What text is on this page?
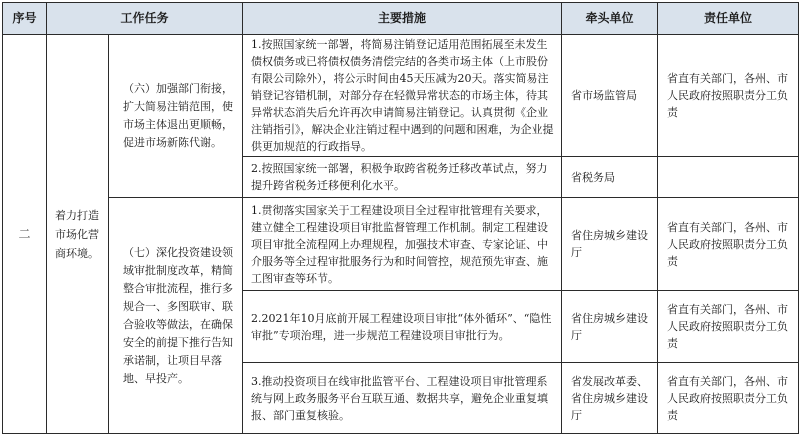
序号	工作任务		主要措施	牵头单位	责任单位
二	着力打造市场化营商环境。	（六）加强部门衔接，扩大简易注销范围，使市场主体退出更顺畅，促进市场新陈代谢。	1.按照国家统一部署，将简易注销登记适用范围拓展至未发生债权债务或已将债权债务清偿完结的各类市场主体（上市股份有限公司除外），将公示时间由45天压减为20天。落实简易注销登记容错机制，对部分存在轻微异常状态的市场主体，待其异常状态消失后允许再次申请简易注销登记。认真贯彻《企业注销指引》，解决企业注销过程中遇到的问题和困难，为企业提供更加规范的行政指导。	省市场监管局	省直有关部门，各州、市人民政府按照职责分工负责
			2.按照国家统一部署，积极争取跨省税务迁移改革试点，努力提升跨省税务迁移便利化水平。	省税务局	
		（七）深化投资建设领域审批制度改革，精简整合审批流程，推行多规合一、多图联审、联合验收等做法，在确保安全的前提下推行告知承诺制，让项目早落地、早投产。	1.贯彻落实国家关于工程建设项目全过程审批管理有关要求，建立健全工程建设项目审批监督管理工作机制。制定工程建设项目审批全流程网上办理规程，加强技术审查、专家论证、中介服务等全过程审批服务行为和时间管控，规范预先审查、施工图审查等环节。	省住房城乡建设厅	省直有关部门，各州、市人民政府按照职责分工负责
			2.2021年10月底前开展工程建设项目审批“体外循环”、“隐性审批”专项治理，进一步规范工程建设项目审批行为。	省住房城乡建设厅	省直有关部门，各州、市人民政府按照职责分工负责
			3.推动投资项目在线审批监管平台、工程建设项目审批管理系统与网上政务服务平台互联互通、数据共享，避免企业重复填报、部门重复核验。	省发展改革委、省住房城乡建设厅	省直有关部门，各州、市人民政府按照职责分工负责
